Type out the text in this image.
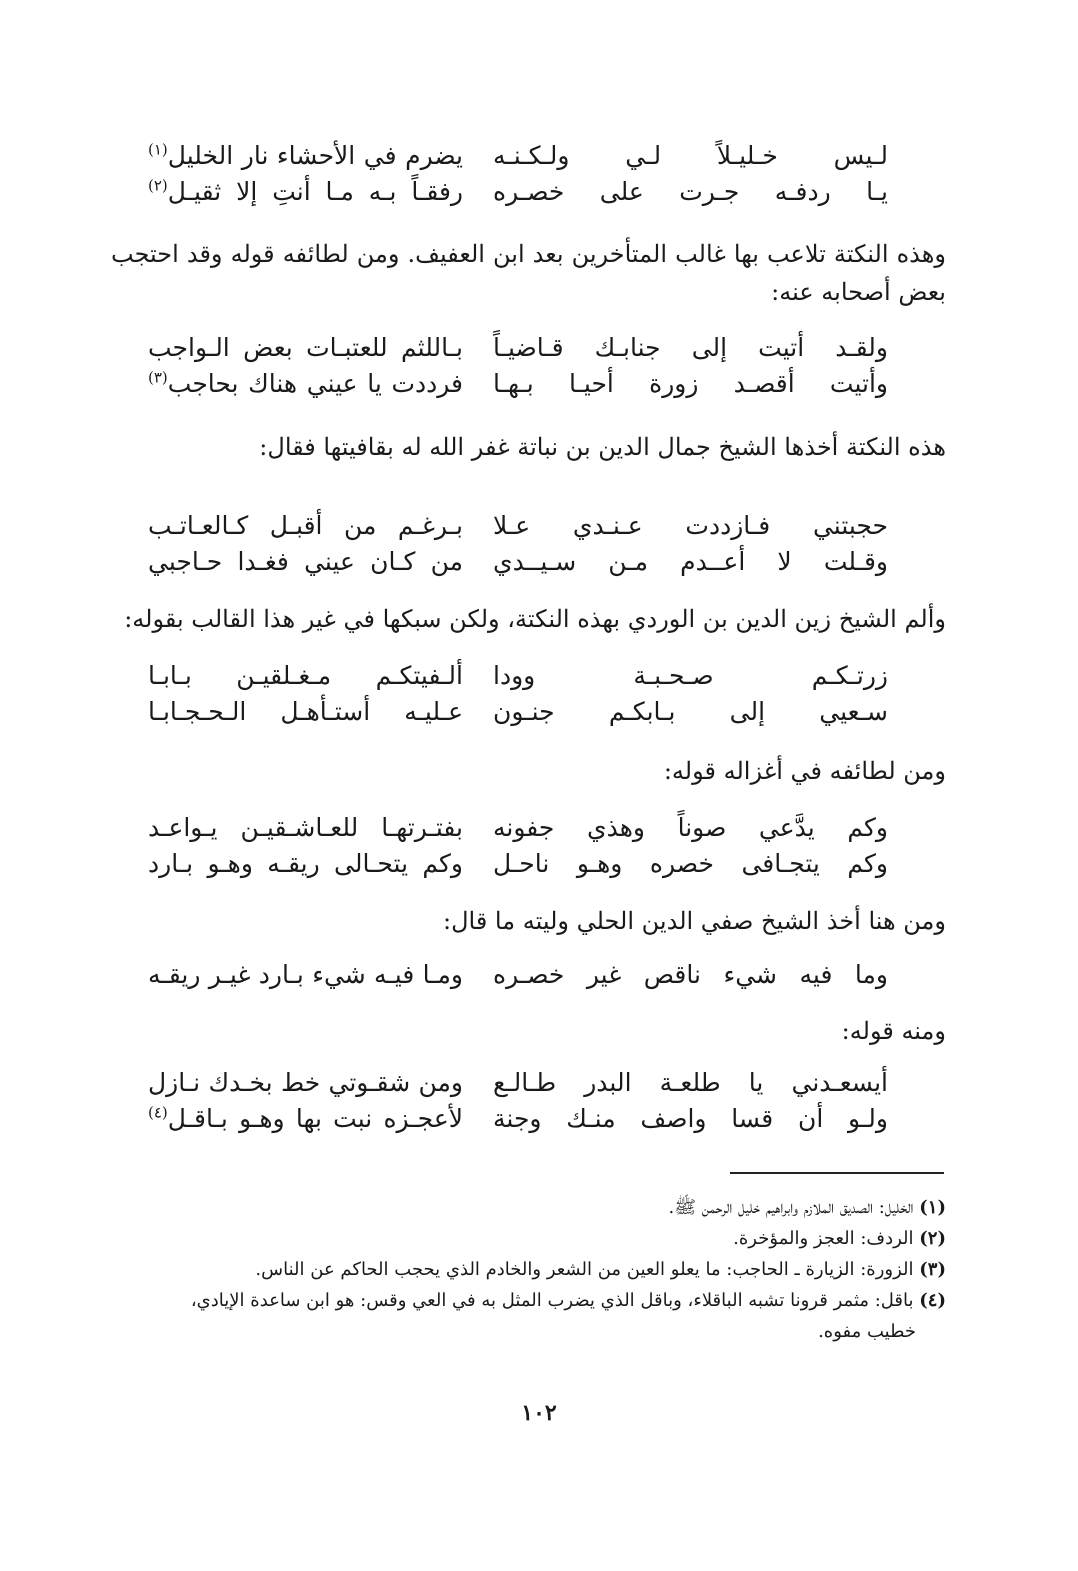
لـيس خـليـلاً لـي ولـكـنـه
يضرم في الأحشاء نار الخليل$^{(١)}$
يـا ردفـه جـرت على خصـره
رفقـاً بـه مـا أنتِ إلا ثقيـل$^{(٢)}$
وهذه النكتة تلاعب بها غالب المتأخرين بعد ابن العفيف. ومن لطائفه قوله وقد احتجب بعض أصحابه عنه:
ولقـد أتيت إلى جنابـك قـاضيـاً
بـاللثم للعتبـات بعض الـواجب
وأتيت أقصـد زورة أحيـا بـهـا
فرددت يا عيني هناك بحاجب$^{(٣)}$
هذه النكتة أخذها الشيخ جمال الدين بن نباتة غفر الله له بقافيتها فقال:
حجبتني فـازددت عـنـدي عـلا
بـرغـم من أقبـل كـالعـاتـب
وقـلت لا أعــدم مـن سـيــدي
من كـان عيني فغـدا حـاجبي
وألم الشيخ زين الدين بن الوردي بهذه النكتة، ولكن سبكها في غير هذا القالب بقوله:
زرتـكـم صـحـبـة وودا
ألـفيتكـم مـغـلقيـن بـابـا
سـعيي إلى بـابكـم جنـون
عـليـه أستـأهـل الـحـجـابـا
ومن لطائفه في أغزاله قوله:
وكم يدَّعي صوناً وهذي جفونه
بفتـرتهـا للعـاشـقيـن يـواعـد
وكم يتجـافى خصره وهـو ناحـل
وكم يتحـالى ريقـه وهـو بـارد
ومن هنا أخذ الشيخ صفي الدين الحلي وليته ما قال:
وما فيه شيء ناقص غير خصـره
ومـا فيـه شيء بـارد غيـر ريقـه
ومنه قوله:
أيسعـدني يا طلعـة البدر طـالـع
ومن شقـوتي خط بخـدك نـازل
ولـو أن قسا واصف منـك وجنة
لأعجـزه نبت بها وهـو بـاقـل$^{(٤)}$
(١) الخليل: الصديق الملازم وابراهيم خليل الرحمن ﷺ.
(٢) الردف: العجز والمؤخرة.
(٣) الزورة: الزيارة ـ الحاجب: ما يعلو العين من الشعر والخادم الذي يحجب الحاكم عن الناس.
(٤) باقل: مثمر قرونا تشبه الباقلاء، وباقل الذي يضرب المثل به في العي وقس: هو ابن ساعدة الإيادي،
خطيب مفوه.
١٠٢
